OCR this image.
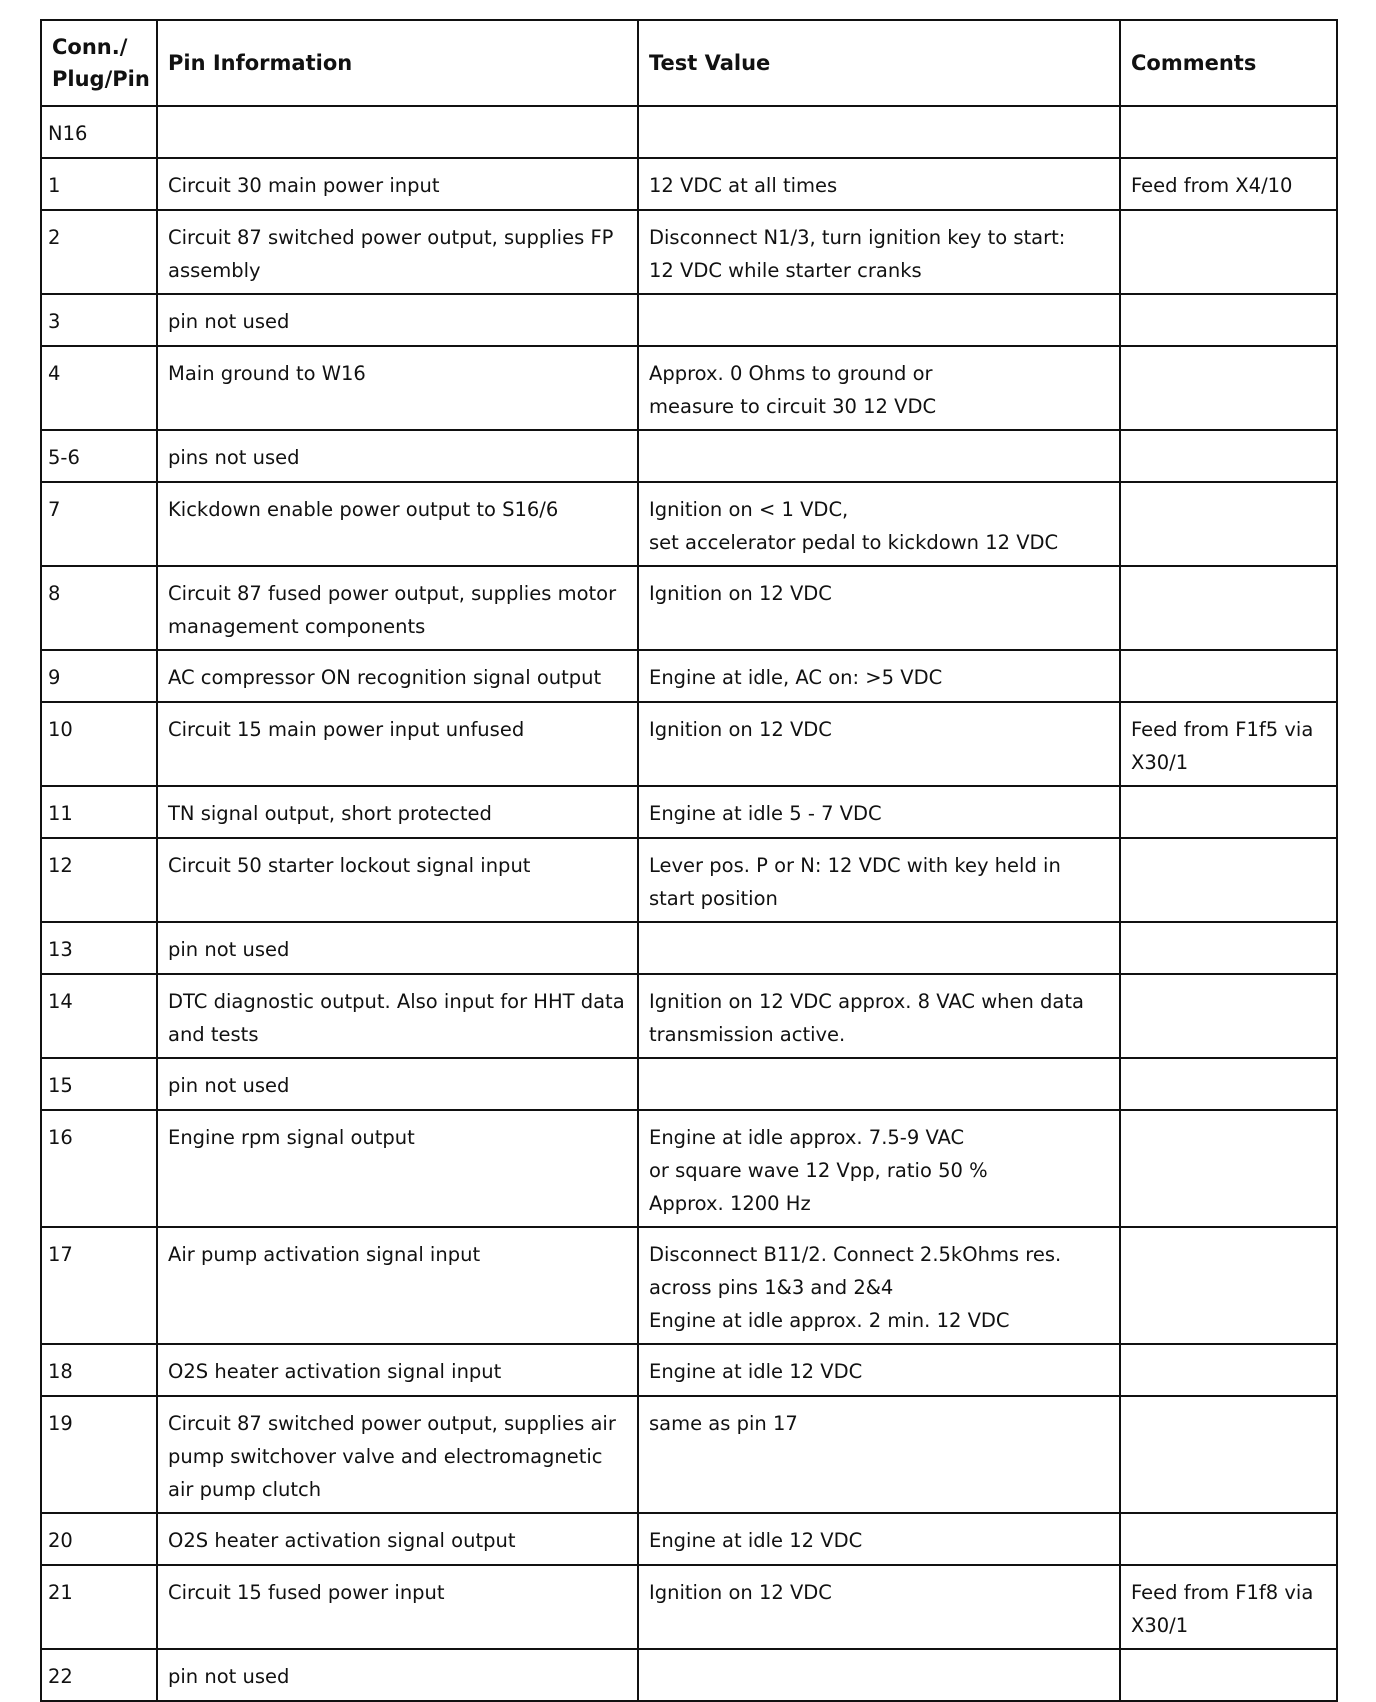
Conn./
Plug/Pin	Pin Information	Test Value	Comments
N16			
1	Circuit 30 main power input	12 VDC at all times	Feed from X4/10
2	Circuit 87 switched power output, supplies FP assembly	Disconnect N1/3, turn ignition key to start:
12 VDC while starter cranks	
3	pin not used		
4	Main ground to W16	Approx. 0 Ohms to ground or
measure to circuit 30 12 VDC	
5-6	pins not used		
7	Kickdown enable power output to S16/6	Ignition on < 1 VDC,
set accelerator pedal to kickdown 12 VDC	
8	Circuit 87 fused power output, supplies motor management components	Ignition on 12 VDC	
9	AC compressor ON recognition signal output	Engine at idle, AC on: >5 VDC	
10	Circuit 15 main power input unfused	Ignition on 12 VDC	Feed from F1f5 via X30/1
11	TN signal output, short protected	Engine at idle 5 - 7 VDC	
12	Circuit 50 starter lockout signal input	Lever pos. P or N: 12 VDC with key held in
start position	
13	pin not used		
14	DTC diagnostic output. Also input for HHT data and tests	Ignition on 12 VDC approx. 8 VAC when data transmission active.	
15	pin not used		
16	Engine rpm signal output	Engine at idle approx. 7.5-9 VAC
or square wave 12 Vpp, ratio 50 %
Approx. 1200 Hz	
17	Air pump activation signal input	Disconnect B11/2. Connect 2.5kOhms res. across pins 1&3 and 2&4
Engine at idle approx. 2 min. 12 VDC	
18	O2S heater activation signal input	Engine at idle 12 VDC	
19	Circuit 87 switched power output, supplies air pump switchover valve and electromagnetic air pump clutch	same as pin 17	
20	O2S heater activation signal output	Engine at idle 12 VDC	
21	Circuit 15 fused power input	Ignition on 12 VDC	Feed from F1f8 via X30/1
22	pin not used		
